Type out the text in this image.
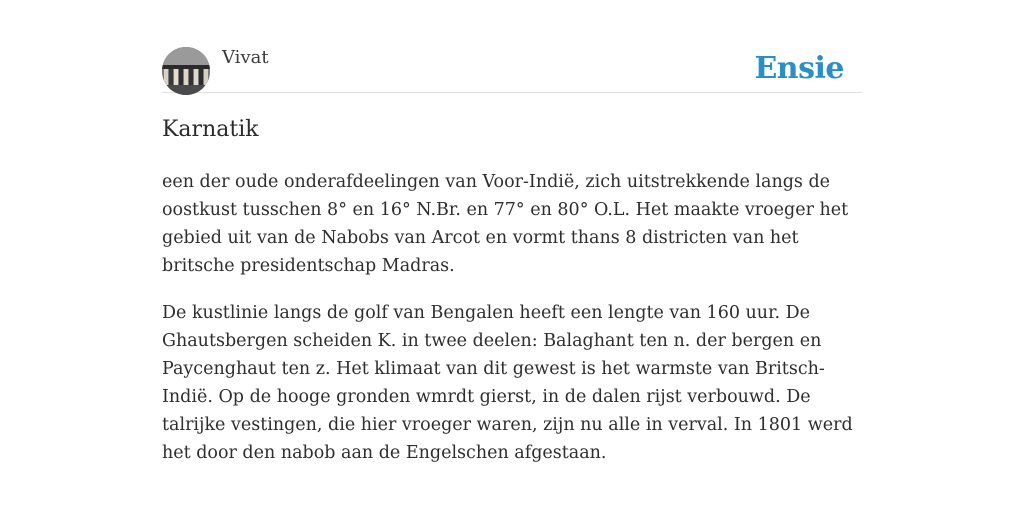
Vivat	Ensie
Karnatik

een der oude onderafdeelingen van Voor-Indië, zich uitstrekkende langs de oostkust tusschen 8° en 16° N.Br. en 77° en 80° O.L. Het maakte vroeger het gebied uit van de Nabobs van Arcot en vormt thans 8 districten van het britsche presidentschap Madras.

De kustlinie langs de golf van Bengalen heeft een lengte van 160 uur. De Ghautsbergen scheiden K. in twee deelen: Balaghant ten n. der bergen en Paycenghaut ten z. Het klimaat van dit gewest is het warmste van Britsch-Indië. Op de hooge gronden wmrdt gierst, in de dalen rijst verbouwd. De talrijke vestingen, die hier vroeger waren, zijn nu alle in verval. In 1801 werd het door den nabob aan de Engelschen afgestaan.
